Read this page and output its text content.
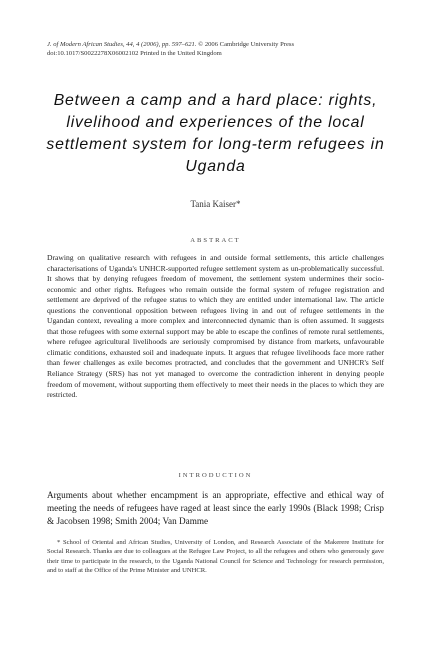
J. of Modern African Studies, 44, 4 (2006), pp. 597–621. © 2006 Cambridge University Press
doi:10.1017/S0022278X06002102 Printed in the United Kingdom
Between a camp and a hard place: rights, livelihood and experiences of the local settlement system for long-term refugees in Uganda
Tania Kaiser*
ABSTRACT
Drawing on qualitative research with refugees in and outside formal settlements, this article challenges characterisations of Uganda's UNHCR-supported refugee settlement system as un-problematically successful. It shows that by denying refugees freedom of movement, the settlement system undermines their socio-economic and other rights. Refugees who remain outside the formal system of refugee registration and settlement are deprived of the refugee status to which they are entitled under international law. The article questions the conventional opposition between refugees living in and out of refugee settlements in the Ugandan context, revealing a more complex and interconnected dynamic than is often assumed. It suggests that those refugees with some external support may be able to escape the confines of remote rural settlements, where refugee agricultural livelihoods are seriously compromised by distance from markets, unfavourable climatic conditions, exhausted soil and inadequate inputs. It argues that refugee livelihoods face more rather than fewer challenges as exile becomes protracted, and concludes that the government and UNHCR's Self Reliance Strategy (SRS) has not yet managed to overcome the contradiction inherent in denying people freedom of movement, without supporting them effectively to meet their needs in the places to which they are restricted.
INTRODUCTION
Arguments about whether encampment is an appropriate, effective and ethical way of meeting the needs of refugees have raged at least since the early 1990s (Black 1998; Crisp & Jacobsen 1998; Smith 2004; Van Damme
* School of Oriental and African Studies, University of London, and Research Associate of the Makerere Institute for Social Research. Thanks are due to colleagues at the Refugee Law Project, to all the refugees and others who generously gave their time to participate in the research, to the Uganda National Council for Science and Technology for research permission, and to staff at the Office of the Prime Minister and UNHCR.
